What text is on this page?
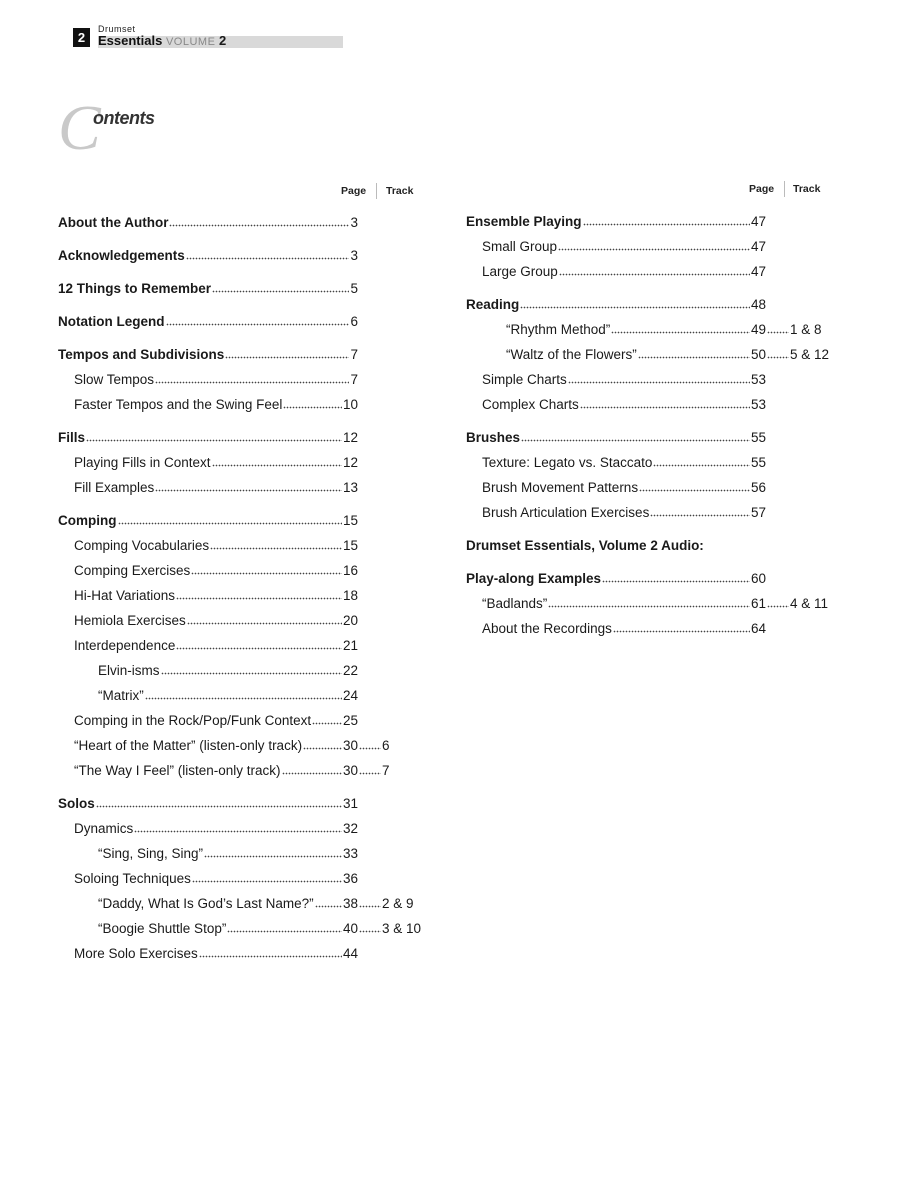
2
Drumset
Essentials VOLUME 2
C
ontents
Page Track	Page Track
About the Author	3
Acknowledgements	3
12 Things to Remember	5
Notation Legend	6
Tempos and Subdivisions	7
Slow Tempos	7
Faster Tempos and the Swing Feel	10
Fills	12
Playing Fills in Context	12
Fill Examples	13
Comping	15
Comping Vocabularies	15
Comping Exercises	16
Hi-Hat Variations	18
Hemiola Exercises	20
Interdependence	21
Elvin-isms	22
“Matrix”	24
Comping in the Rock/Pop/Funk Context 25
“Heart of the Matter” (listen-only track)	30 6
“The Way I Feel” (listen-only track)	30 7
Solos	31
Dynamics	32
“Sing, Sing, Sing”	33
Soloing Techniques	36
“Daddy, What Is God’s Last Name?” 38 2 & 9
“Boogie Shuttle Stop”	40 3 & 10
More Solo Exercises	44
Ensemble Playing	47
Small Group	47
Large Group	47
Reading	48
“Rhythm Method”	49 1 & 8
“Waltz of the Flowers”	50 5 & 12
Simple Charts	53
Complex Charts	53
Brushes	55
Texture: Legato vs. Staccato	55
Brush Movement Patterns	56
Brush Articulation Exercises	57
Drumset Essentials, Volume 2 Audio:
Play-along Examples	60
“Badlands”	61 4 & 11
About the Recordings	64
